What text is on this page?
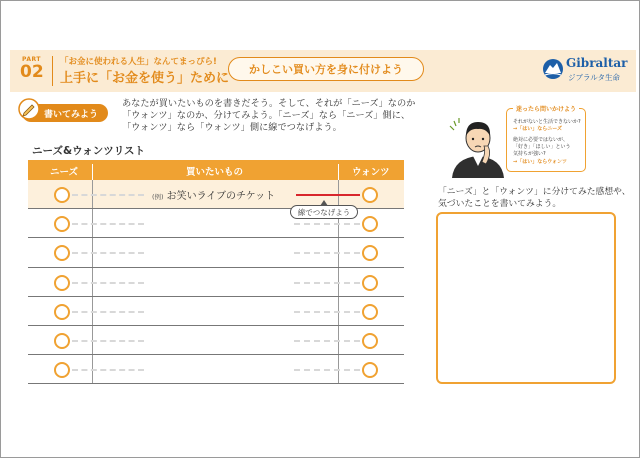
PART
02 「お金に使われる人生」なんてまっぴら!
上手に「お金を使う」ために
かしこい買い方を身に付けよう	Gibraltar
ジブラルタ生命
書いてみよう
あなたが買いたいものを書きだそう。そして、それが「ニーズ」なのか「ウォンツ」なのか、分けてみよう。「ニーズ」なら「ニーズ」側に、「ウォンツ」なら「ウォンツ」側に線でつなげよう。
ニーズ&ウォンツリスト
ニーズ	買いたいもの	ウォンツ
(例) お笑いライブのチケット
線でつなげよう
迷ったら問いかけよう
それがないと生活できないか?
→「はい」ならニーズ
絶対に必要ではないが、
「好き」「ほしい」という
気持ちが強い?
→「はい」ならウォンツ
「ニーズ」と「ウォンツ」に分けてみた感想や、気づいたことを書いてみよう。
